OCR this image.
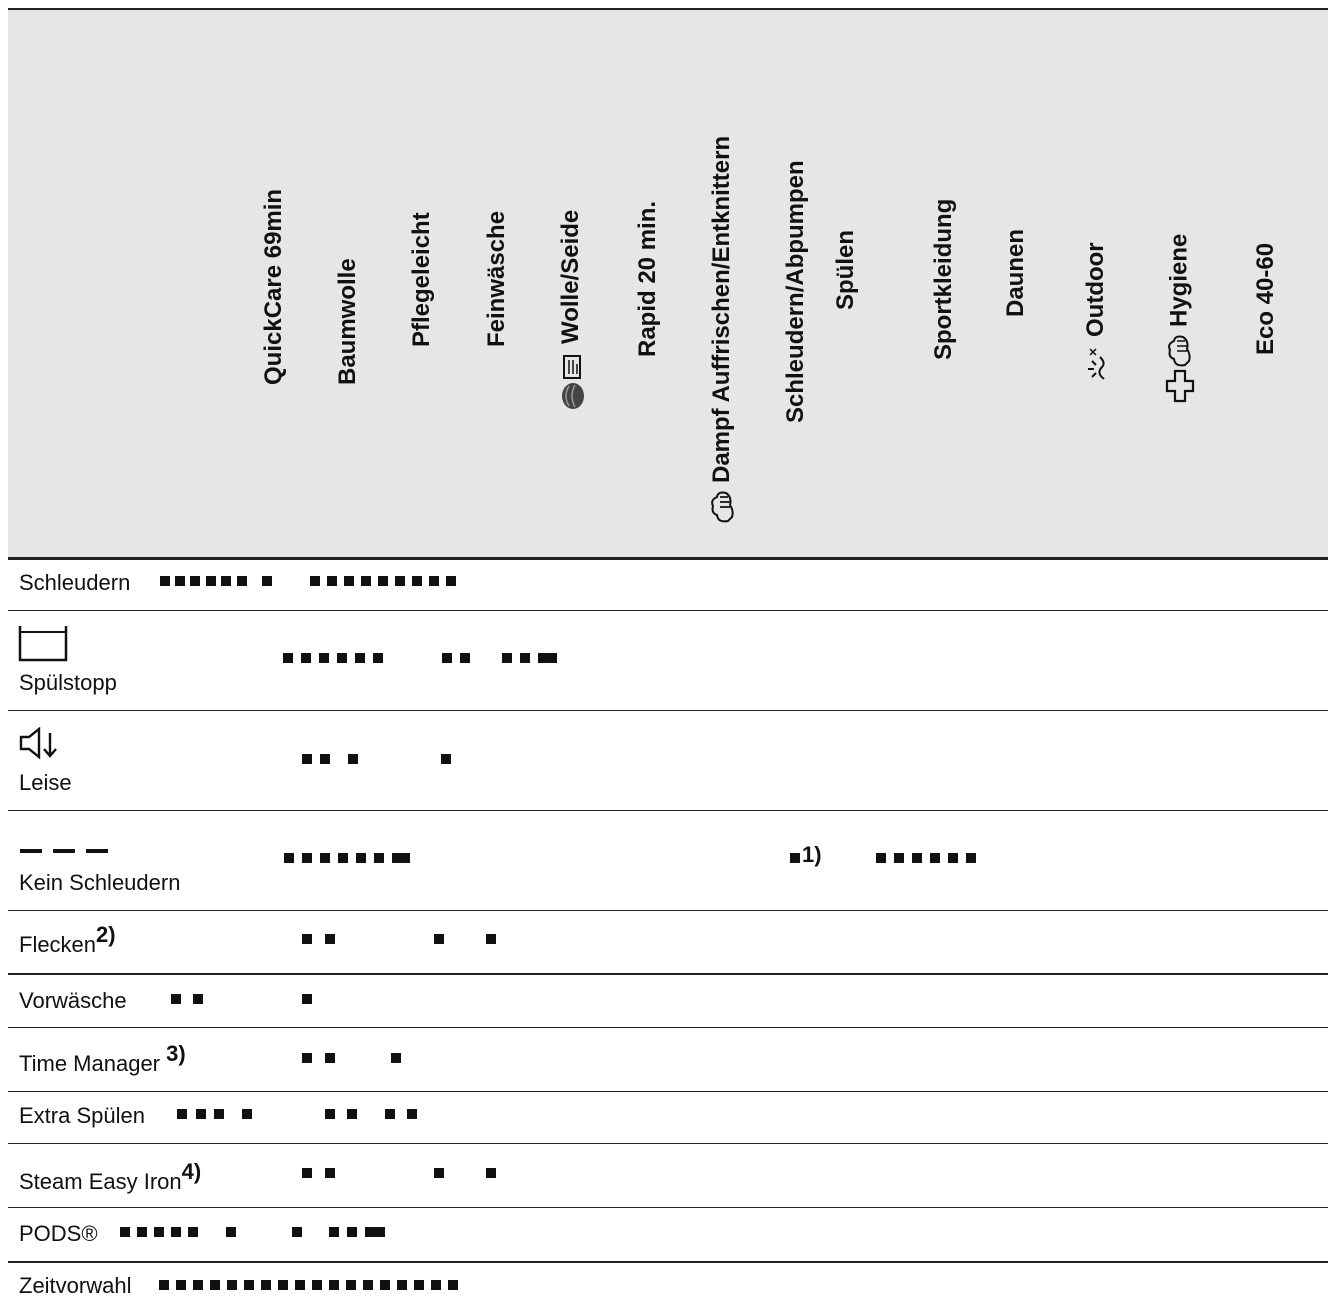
QuickCare 69min Baumwolle Pflegeleicht Feinwäsche Wolle/Seide Rapid 20 min. Dampf Auffrischen/Entknittern Schleudern/Abpumpen Spülen	Sportkleidung Daunen Outdoor Hygiene Eco 40-60
Schleudern
Spülstopp
Leise
Kein Schleudern
Flecken2)
Vorwäsche
Time Manager 3)
Extra Spülen
Steam Easy Iron4)
PODS®
Zeitvorwahl
1)
